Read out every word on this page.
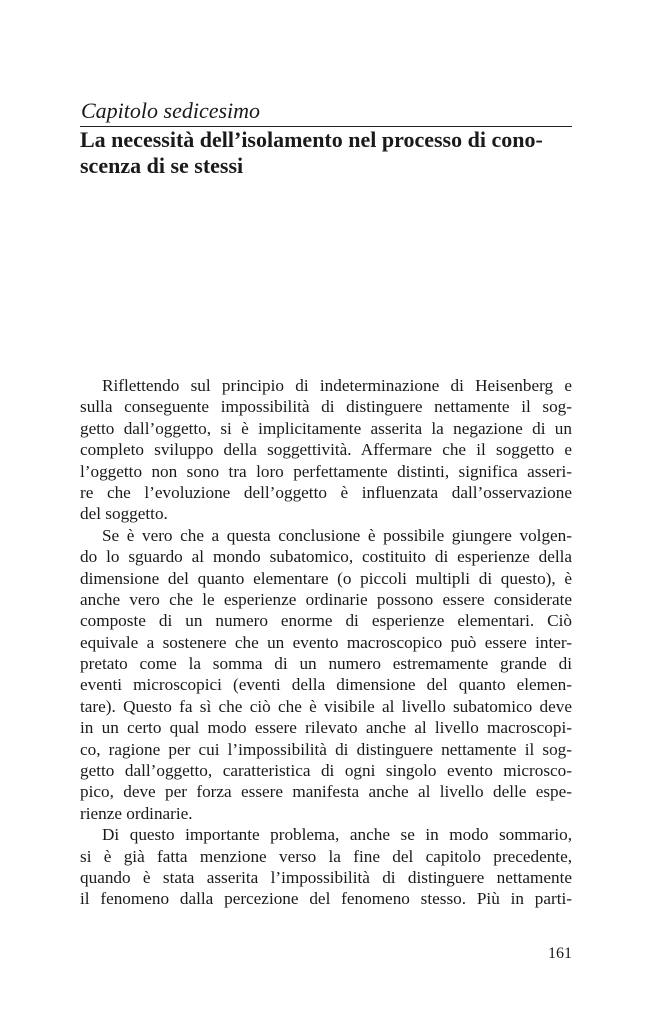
Capitolo sedicesimo
La necessità dell’isolamento nel processo di cono-
scenza di se stessi
Riflettendo sul principio di indeterminazione di Heisenberg e
sulla conseguente impossibilità di distinguere nettamente il sog-
getto dall’oggetto, si è implicitamente asserita la negazione di un
completo sviluppo della soggettività. Affermare che il soggetto e
l’oggetto non sono tra loro perfettamente distinti, significa asseri-
re che l’evoluzione dell’oggetto è influenzata dall’osservazione
del soggetto.
Se è vero che a questa conclusione è possibile giungere volgen-
do lo sguardo al mondo subatomico, costituito di esperienze della
dimensione del quanto elementare (o piccoli multipli di questo), è
anche vero che le esperienze ordinarie possono essere considerate
composte di un numero enorme di esperienze elementari. Ciò
equivale a sostenere che un evento macroscopico può essere inter-
pretato come la somma di un numero estremamente grande di
eventi microscopici (eventi della dimensione del quanto elemen-
tare). Questo fa sì che ciò che è visibile al livello subatomico deve
in un certo qual modo essere rilevato anche al livello macroscopi-
co, ragione per cui l’impossibilità di distinguere nettamente il sog-
getto dall’oggetto, caratteristica di ogni singolo evento microsco-
pico, deve per forza essere manifesta anche al livello delle espe-
rienze ordinarie.
Di questo importante problema, anche se in modo sommario,
si è già fatta menzione verso la fine del capitolo precedente,
quando è stata asserita l’impossibilità di distinguere nettamente
il fenomeno dalla percezione del fenomeno stesso. Più in parti-
161
